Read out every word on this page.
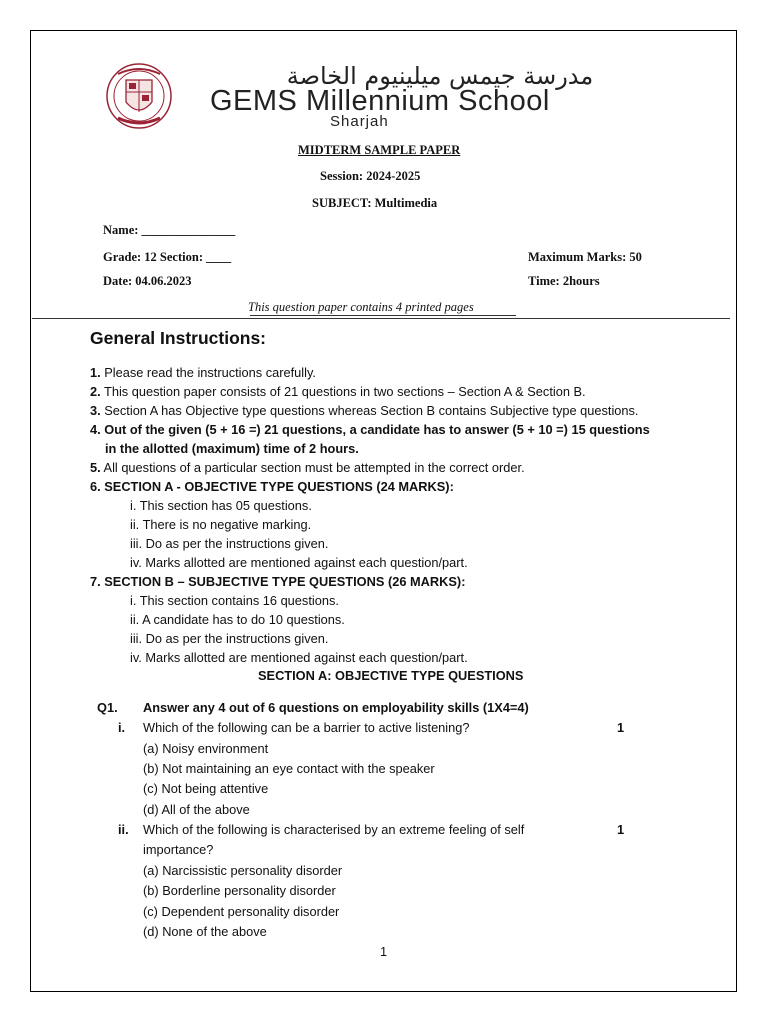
مدرسة جيمس ميلينيوم الخاصة
GEMS Millennium School
Sharjah
MIDTERM SAMPLE PAPER
Session: 2024-2025
SUBJECT: Multimedia
Name: _______________
Grade: 12 Section: ____	Maximum Marks: 50
Date: 04.06.2023	Time: 2hours
This question paper contains 4 printed pages
General Instructions:
1. Please read the instructions carefully.
2. This question paper consists of 21 questions in two sections – Section A & Section B.
3. Section A has Objective type questions whereas Section B contains Subjective type questions.
4. Out of the given (5 + 16 =) 21 questions, a candidate has to answer (5 + 10 =) 15 questions
in the allotted (maximum) time of 2 hours.
5. All questions of a particular section must be attempted in the correct order.
6. SECTION A - OBJECTIVE TYPE QUESTIONS (24 MARKS):
i. This section has 05 questions.
ii. There is no negative marking.
iii. Do as per the instructions given.
iv. Marks allotted are mentioned against each question/part.
7. SECTION B – SUBJECTIVE TYPE QUESTIONS (26 MARKS):
i. This section contains 16 questions.
ii. A candidate has to do 10 questions.
iii. Do as per the instructions given.
iv. Marks allotted are mentioned against each question/part.
SECTION A: OBJECTIVE TYPE QUESTIONS
Q1. Answer any 4 out of 6 questions on employability skills (1X4=4)
i. Which of the following can be a barrier to active listening?	1
(a) Noisy environment
(b) Not maintaining an eye contact with the speaker
(c) Not being attentive
(d) All of the above
ii. Which of the following is characterised by an extreme feeling of self	1
importance?
(a) Narcissistic personality disorder
(b) Borderline personality disorder
(c) Dependent personality disorder
(d) None of the above
1
